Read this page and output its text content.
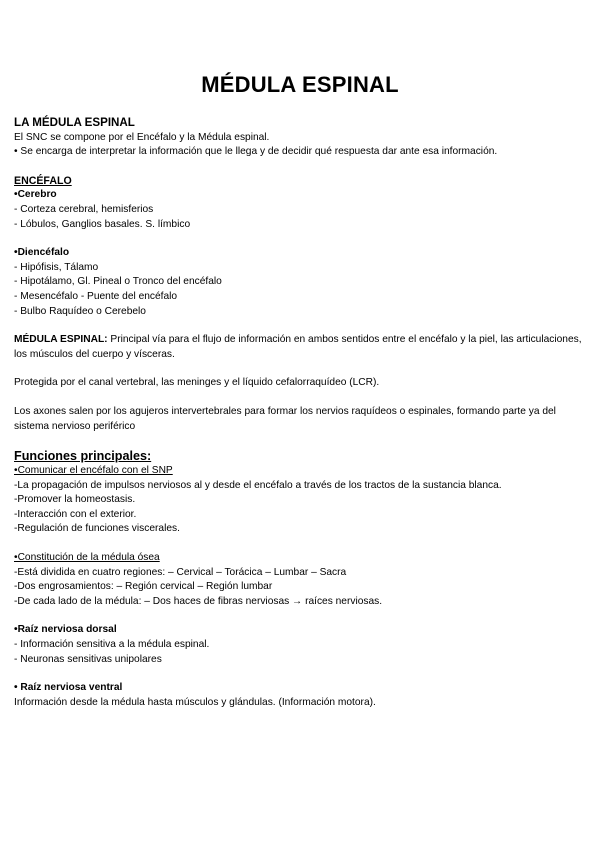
MÉDULA ESPINAL

LA MÉDULA ESPINAL

El SNC se compone por el Encéfalo y la Médula espinal.

• Se encarga de interpretar la información que le llega y de decidir qué respuesta dar ante esa información.

ENCÉFALO

•Cerebro

- Corteza cerebral, hemisferios

- Lóbulos, Ganglios basales. S. límbico

•Diencéfalo

- Hipófisis, Tálamo

- Hipotálamo, Gl. Pineal o Tronco del encéfalo

- Mesencéfalo - Puente del encéfalo

- Bulbo Raquídeo o Cerebelo

MÉDULA ESPINAL: Principal vía para el flujo de información en ambos sentidos entre el encéfalo y la piel, las articulaciones, los músculos del cuerpo y vísceras.

Protegida por el canal vertebral, las meninges y el líquido cefalorraquídeo (LCR).

Los axones salen por los agujeros intervertebrales para formar los nervios raquídeos o espinales, formando parte ya del sistema nervioso periférico

Funciones principales:

•Comunicar el encéfalo con el SNP

-La propagación de impulsos nerviosos al y desde el encéfalo a través de los tractos de la sustancia blanca.

-Promover la homeostasis.

-Interacción con el exterior.

-Regulación de funciones viscerales.

•Constitución de la médula ósea

-Está dividida en cuatro regiones: – Cervical – Torácica – Lumbar – Sacra

-Dos engrosamientos: – Región cervical – Región lumbar

-De cada lado de la médula: – Dos haces de fibras nerviosas → raíces nerviosas.

•Raíz nerviosa dorsal

- Información sensitiva a la médula espinal.

- Neuronas sensitivas unipolares

• Raíz nerviosa ventral

Información desde la médula hasta músculos y glándulas. (Información motora).
